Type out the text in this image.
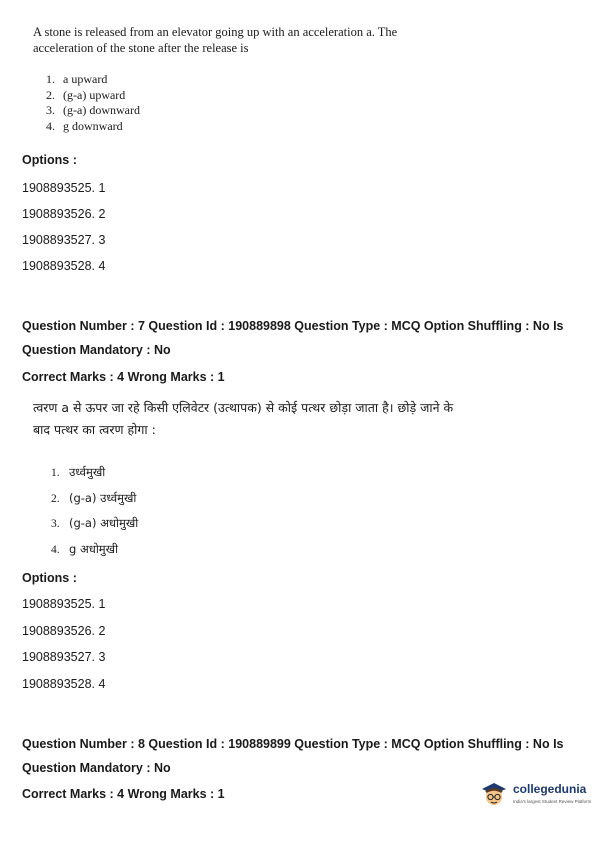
A stone is released from an elevator going up with an acceleration a. The acceleration of the stone after the release is
1. a upward
2. (g-a) upward
3. (g-a) downward
4. g downward
Options :
1908893525. 1
1908893526. 2
1908893527. 3
1908893528. 4
Question Number : 7 Question Id : 190889898 Question Type : MCQ Option Shuffling : No Is
Question Mandatory : No
Correct Marks : 4 Wrong Marks : 1
त्वरण a से ऊपर जा रहे किसी एलिवेटर (उत्थापक) से कोई पत्थर छोड़ा जाता है। छोड़े जाने के
बाद पत्थर का त्वरण होगा :
1. उर्ध्वमुखी
2. (g-a) उर्ध्वमुखी
3. (g-a) अधोमुखी
4. g अधोमुखी
Options :
1908893525. 1
1908893526. 2
1908893527. 3
1908893528. 4
Question Number : 8 Question Id : 190889899 Question Type : MCQ Option Shuffling : No Is
Question Mandatory : No
Correct Marks : 4 Wrong Marks : 1	collegedunia
India's largest Student Review Platform
